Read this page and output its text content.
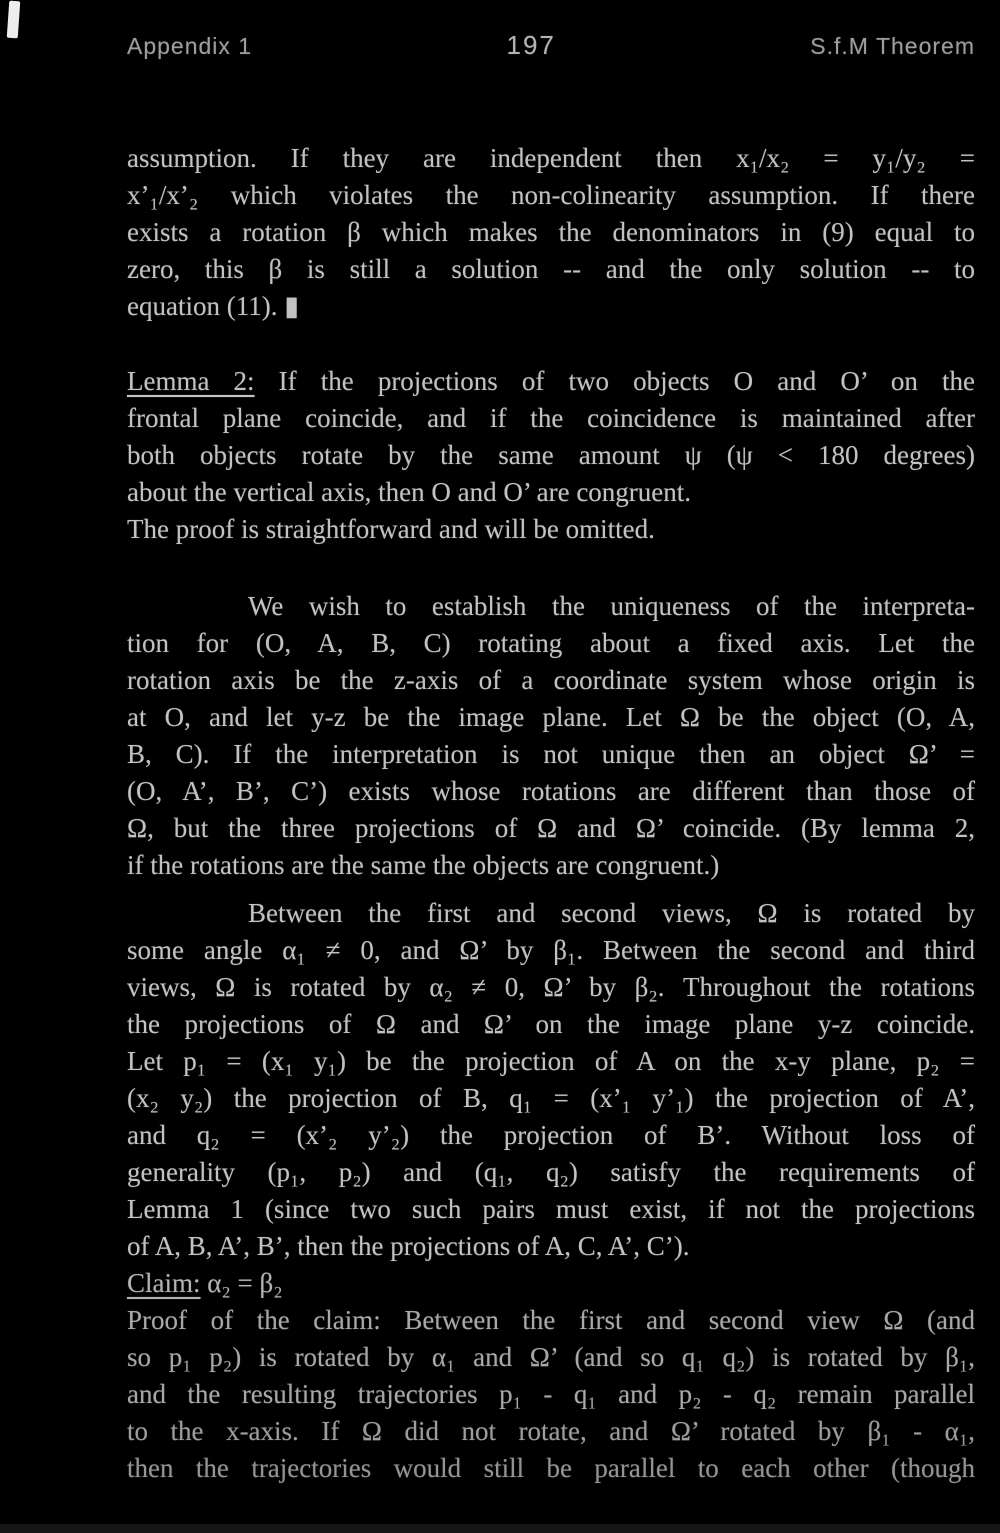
Appendix 1	197	S.f.M Theorem
assumption. If they are independent then x₁/x₂ = y₁/y₂ =
x’₁/x’₂ which violates the non-colinearity assumption. If there
exists a rotation β which makes the denominators in (9) equal to
zero, this β is still a solution -- and the only solution -- to
equation (11). ▮
Lemma 2: If the projections of two objects O and O’ on the
frontal plane coincide, and if the coincidence is maintained after
both objects rotate by the same amount ψ (ψ < 180 degrees)
about the vertical axis, then O and O’ are congruent.
The proof is straightforward and will be omitted.
We wish to establish the uniqueness of the interpreta-
tion for (O, A, B, C) rotating about a fixed axis. Let the
rotation axis be the z-axis of a coordinate system whose origin is
at O, and let y-z be the image plane. Let Ω be the object (O, A,
B, C). If the interpretation is not unique then an object Ω’ =
(O, A’, B’, C’) exists whose rotations are different than those of
Ω, but the three projections of Ω and Ω’ coincide. (By lemma 2,
if the rotations are the same the objects are congruent.)
Between the first and second views, Ω is rotated by
some angle α₁ ≠ 0, and Ω’ by β₁. Between the second and third
views, Ω is rotated by α₂ ≠ 0, Ω’ by β₂. Throughout the rotations
the projections of Ω and Ω’ on the image plane y-z coincide.
Let p₁ = (x₁ y₁) be the projection of A on the x-y plane, p₂ =
(x₂ y₂) the projection of B, q₁ = (x’₁ y’₁) the projection of A’,
and q₂ = (x’₂ y’₂) the projection of B’. Without loss of
generality (p₁, p₂) and (q₁, q₂) satisfy the requirements of
Lemma 1 (since two such pairs must exist, if not the projections
of A, B, A’, B’, then the projections of A, C, A’, C’).
Claim: α₂ = β₂
Proof of the claim: Between the first and second view Ω (and
so p₁ p₂) is rotated by α₁ and Ω’ (and so q₁ q₂) is rotated by β₁,
and the resulting trajectories p₁ - q₁ and p₂ - q₂ remain parallel
to the x-axis. If Ω did not rotate, and Ω’ rotated by β₁ - α₁,
then the trajectories would still be parallel to each other (though
